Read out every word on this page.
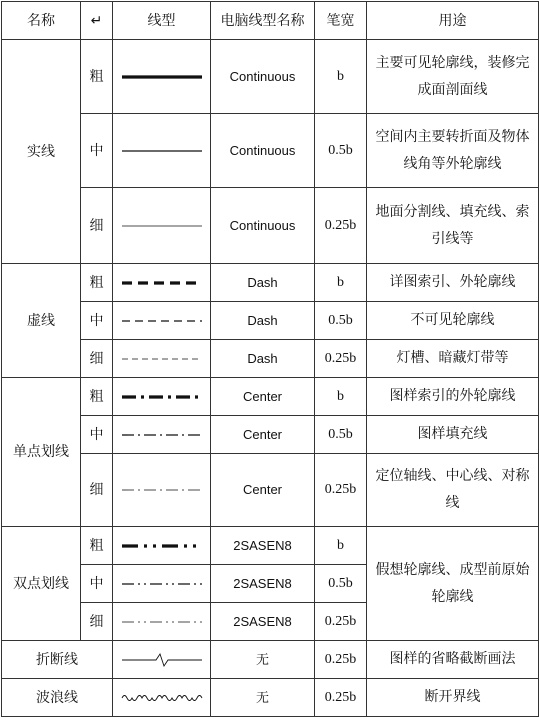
名称	↵	线型	电脑线型名称	笔宽	用途
实线	粗		Continuous	b	主要可见轮廓线，装修完成面剖面线
	中		Continuous	0.5b	空间内主要转折面及物体线角等外轮廓线
	细		Continuous	0.25b	地面分割线、填充线、索引线等
虚线	粗		Dash	b	详图索引、外轮廓线
	中		Dash	0.5b	不可见轮廓线
	细		Dash	0.25b	灯槽、暗藏灯带等
单点划线	粗		Center	b	图样索引的外轮廓线
	中		Center	0.5b	图样填充线
	细		Center	0.25b	定位轴线、中心线、对称线
双点划线	粗		2SASEN8	b	假想轮廓线、成型前原始轮廓线
	中		2SASEN8	0.5b	
	细		2SASEN8	0.25b	
折断线			无	0.25b	图样的省略截断画法
波浪线			无	0.25b	断开界线
